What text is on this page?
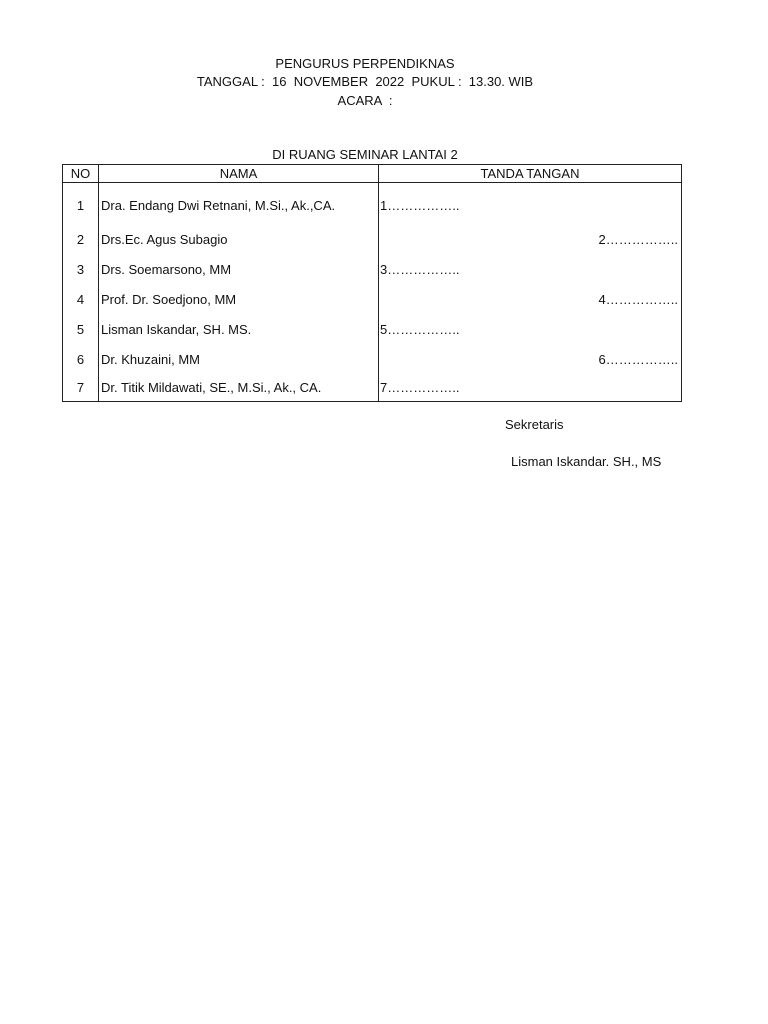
PENGURUS PERPENDIKNAS
TANGGAL :  16  NOVEMBER  2022  PUKUL :  13.30. WIB
ACARA  :
DI RUANG SEMINAR LANTAI 2
NO	NAMA	TANDA TANGAN
1	Dra. Endang Dwi Retnani, M.Si., Ak.,CA.	1……………..
2	Drs.Ec. Agus Subagio	2……………..

3	Drs. Soemarsono, MM	3……………..
4	Prof. Dr. Soedjono, MM	4……………..

5	Lisman Iskandar, SH. MS.	5……………..
6	Dr. Khuzaini, MM	6……………..

7	Dr. Titik Mildawati, SE., M.Si., Ak., CA.	7……………..
Sekretaris
Lisman Iskandar. SH., MS
